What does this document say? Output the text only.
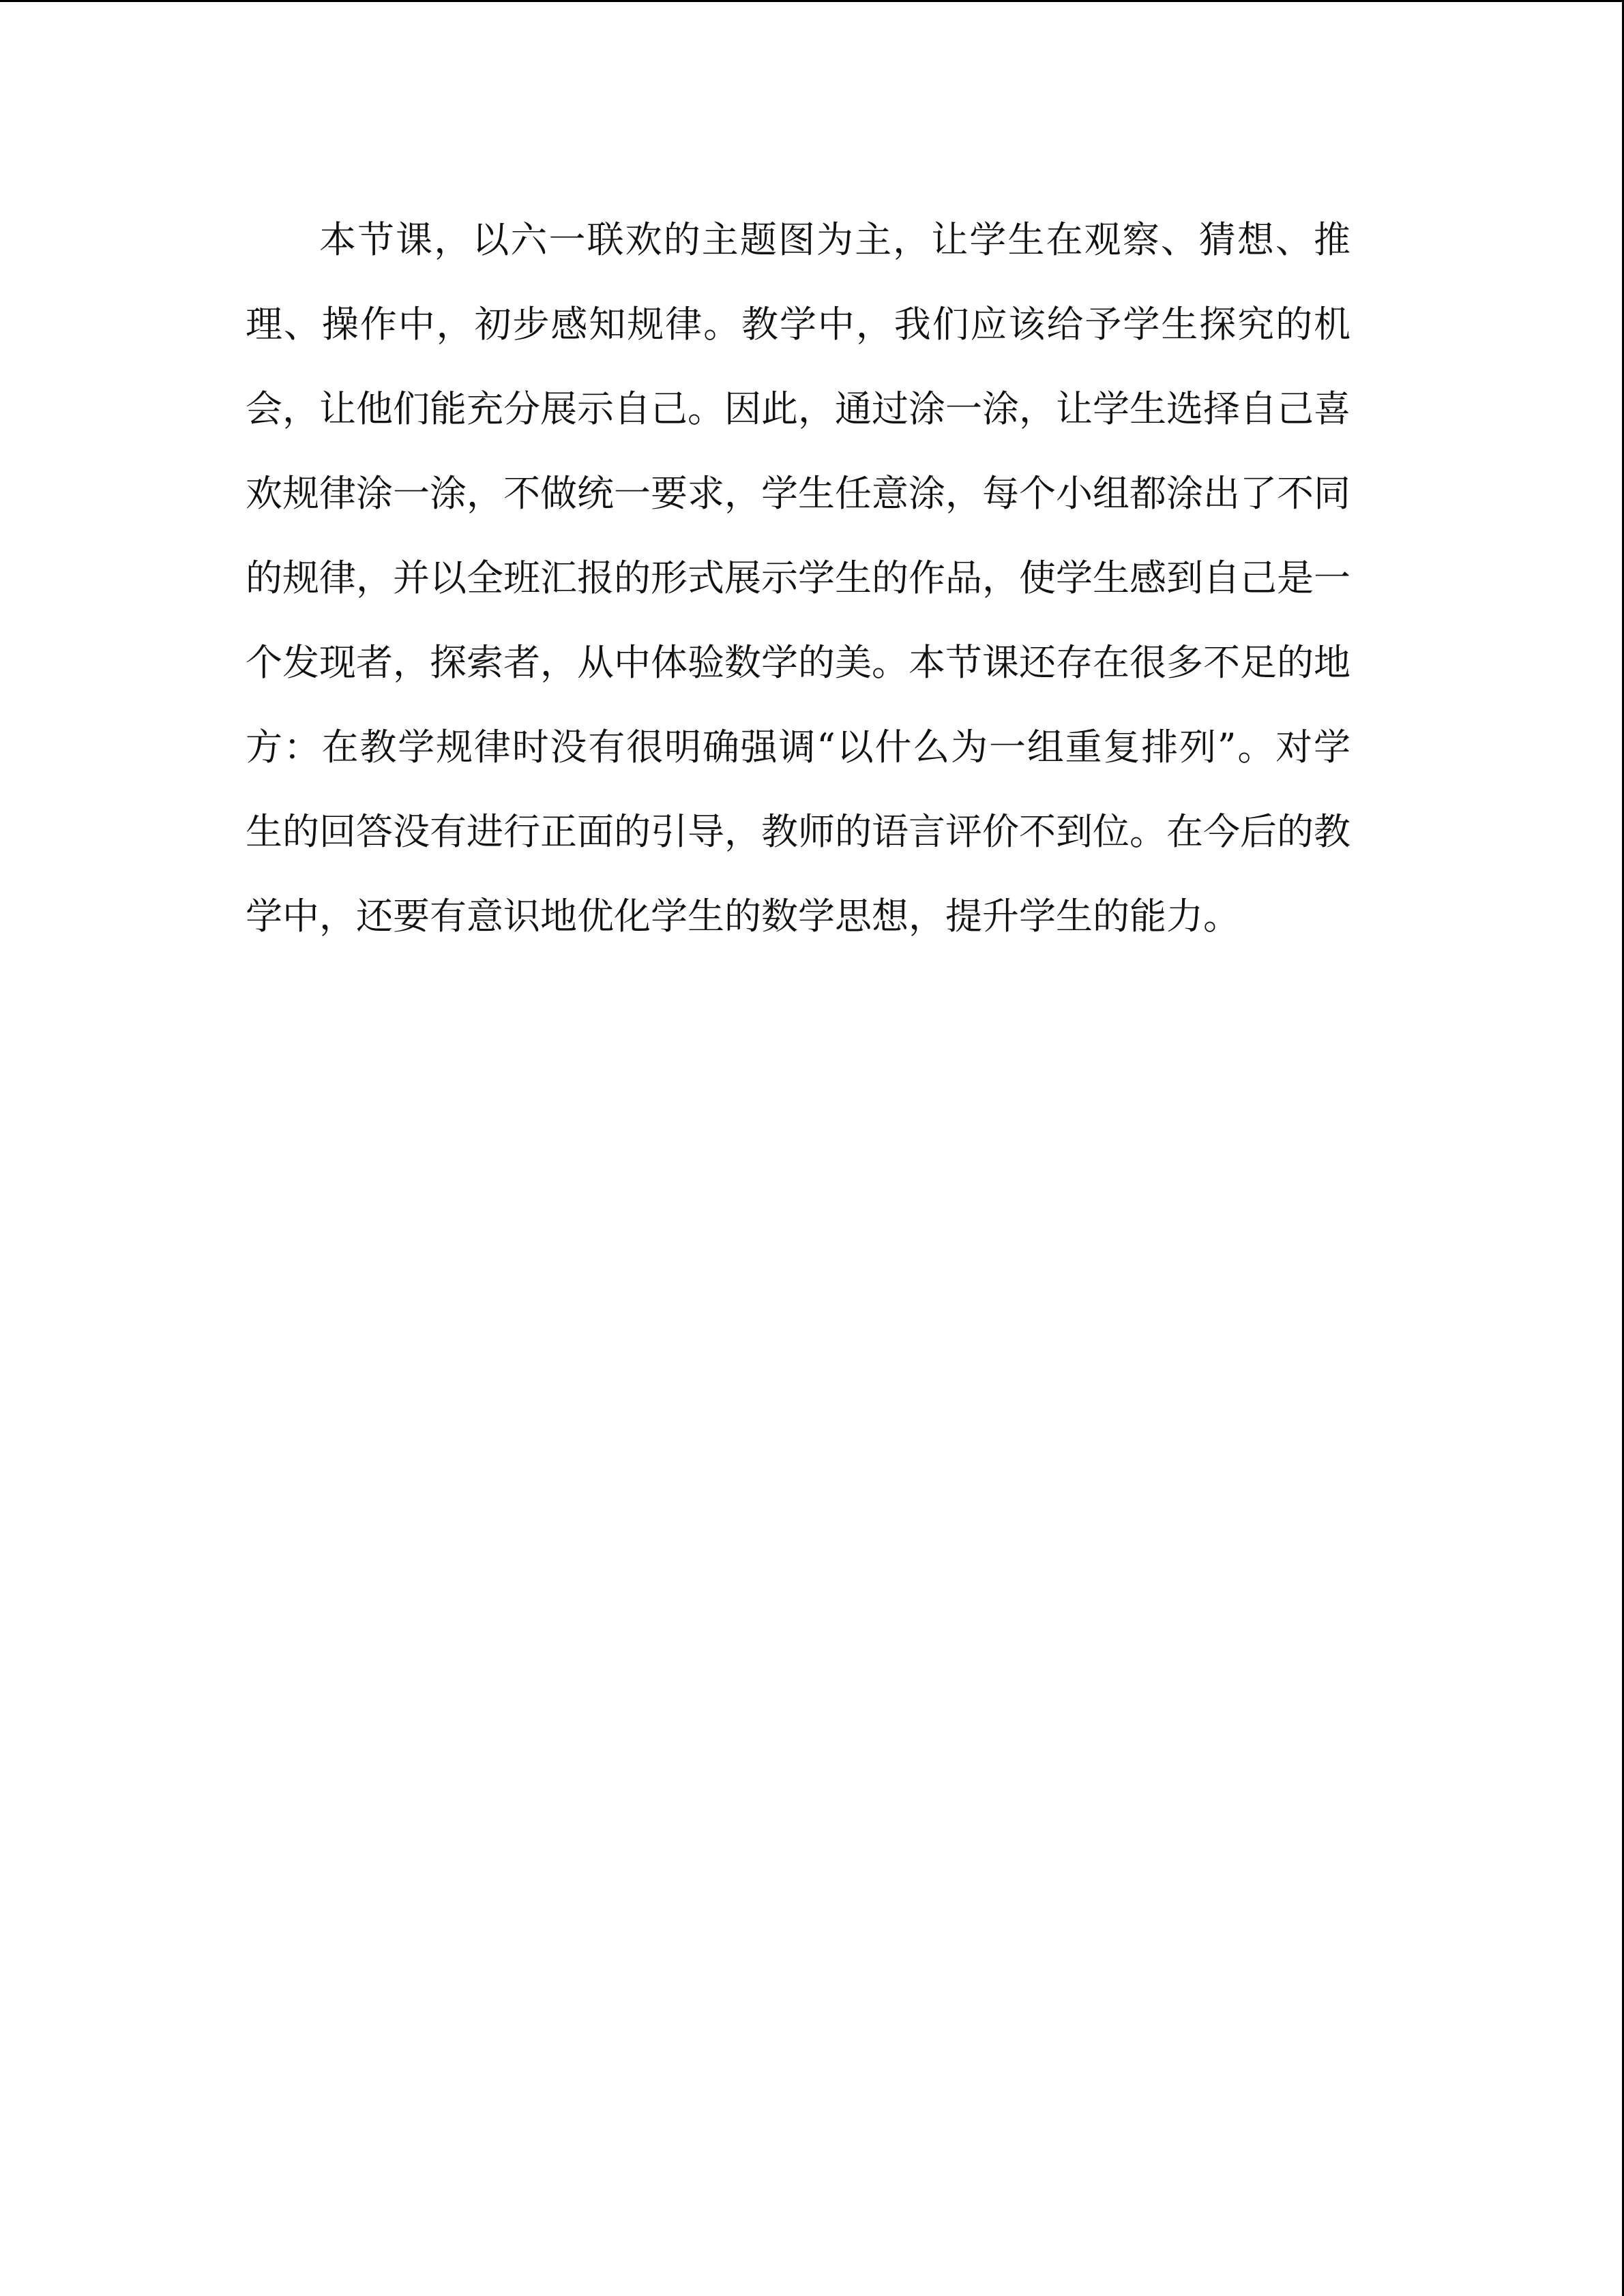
本节课，以六一联欢的主题图为主，让学生在观察、猜想、推理、操作中，初步感知规律。教学中，我们应该给予学生探究的机会，让他们能充分展示自己。因此，通过涂一涂，让学生选择自己喜欢规律涂一涂，不做统一要求，学生任意涂，每个小组都涂出了不同的规律，并以全班汇报的形式展示学生的作品，使学生感到自己是一个发现者，探索者，从中体验数学的美。本节课还存在很多不足的地方：在教学规律时没有很明确强调“以什么为一组重复排列”。对学生的回答没有进行正面的引导，教师的语言评价不到位。在今后的教学中，还要有意识地优化学生的数学思想，提升学生的能力。
